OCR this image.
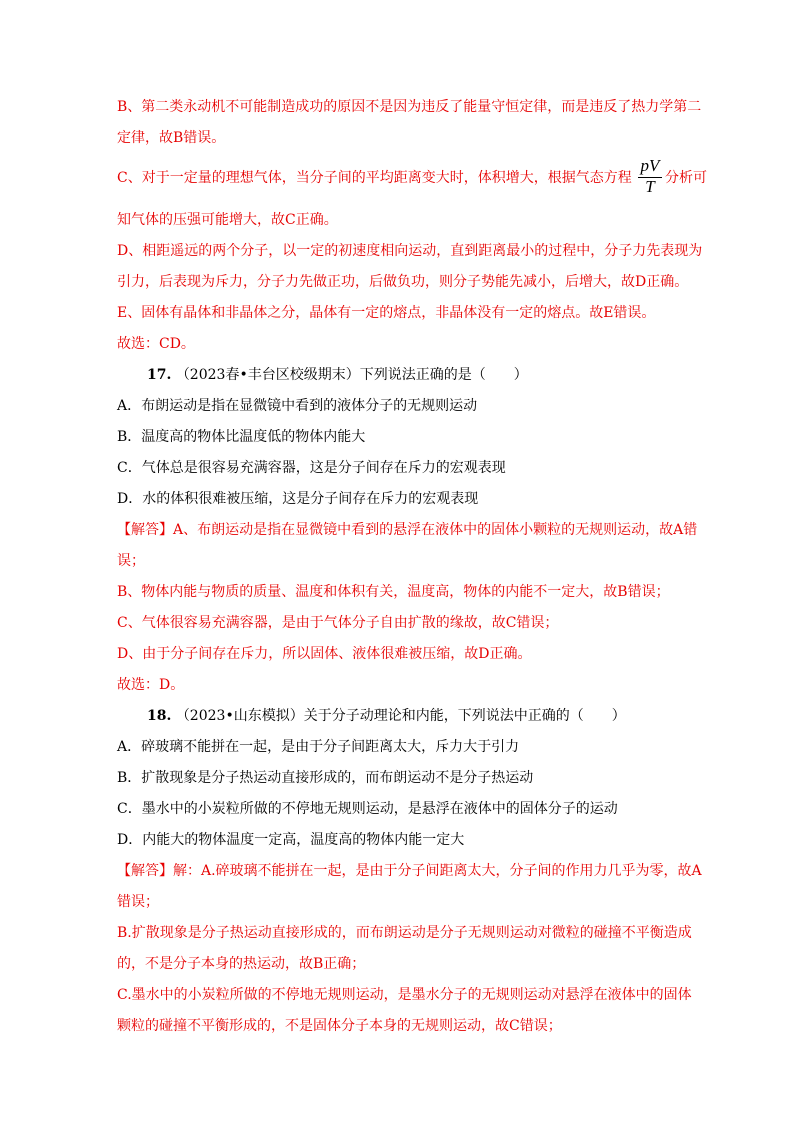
B、第二类永动机不可能制造成功的原因不是因为违反了能量守恒定律，而是违反了热力学第二
定律，故B错误。
C、对于一定量的理想气体，当分子间的平均距离变大时，体积增大，根据气态方程
pV
T 分析可
知气体的压强可能增大，故C正确。
D、相距遥远的两个分子，以一定的初速度相向运动，直到距离最小的过程中，分子力先表现为
引力，后表现为斥力，分子力先做正功，后做负功，则分子势能先减小，后增大，故D正确。
E、固体有晶体和非晶体之分，晶体有一定的熔点，非晶体没有一定的熔点。故E错误。
故选：CD。
17. （2023春•丰台区校级期末）下列说法正确的是（　　）
A．布朗运动是指在显微镜中看到的液体分子的无规则运动
B．温度高的物体比温度低的物体内能大
C．气体总是很容易充满容器，这是分子间存在斥力的宏观表现
D．水的体积很难被压缩，这是分子间存在斥力的宏观表现
【解答】A、布朗运动是指在显微镜中看到的悬浮在液体中的固体小颗粒的无规则运动，故A错
误；
B、物体内能与物质的质量、温度和体积有关，温度高，物体的内能不一定大，故B错误；
C、气体很容易充满容器，是由于气体分子自由扩散的缘故，故C错误；
D、由于分子间存在斥力，所以固体、液体很难被压缩，故D正确。
故选：D。
18. （2023•山东模拟）关于分子动理论和内能，下列说法中正确的（　　）
A．碎玻璃不能拼在一起，是由于分子间距离太大，斥力大于引力
B．扩散现象是分子热运动直接形成的，而布朗运动不是分子热运动
C．墨水中的小炭粒所做的不停地无规则运动，是悬浮在液体中的固体分子的运动
D．内能大的物体温度一定高，温度高的物体内能一定大
【解答】解：A.碎玻璃不能拼在一起，是由于分子间距离太大，分子间的作用力几乎为零，故A
错误；
B.扩散现象是分子热运动直接形成的，而布朗运动是分子无规则运动对微粒的碰撞不平衡造成
的，不是分子本身的热运动，故B正确；
C.墨水中的小炭粒所做的不停地无规则运动，是墨水分子的无规则运动对悬浮在液体中的固体
颗粒的碰撞不平衡形成的，不是固体分子本身的无规则运动，故C错误；
